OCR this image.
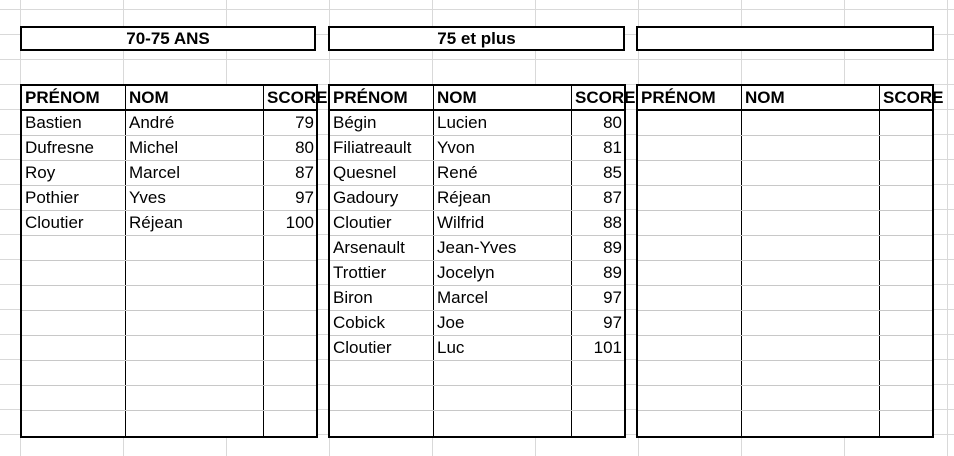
70-75 ANS	75 et plus
PRÉNOM	NOM	SCORE
Bastien	André	79
Dufresne	Michel	80
Roy	Marcel	87
Pothier	Yves	97
Cloutier	Réjean	100
PRÉNOM	NOM	SCORE
Bégin	Lucien	80
Filiatreault	Yvon	81
Quesnel	René	85
Gadoury	Réjean	87
Cloutier	Wilfrid	88
Arsenault	Jean-Yves	89
Trottier	Jocelyn	89
Biron	Marcel	97
Cobick	Joe	97
Cloutier	Luc	101
PRÉNOM	NOM	SCORE
